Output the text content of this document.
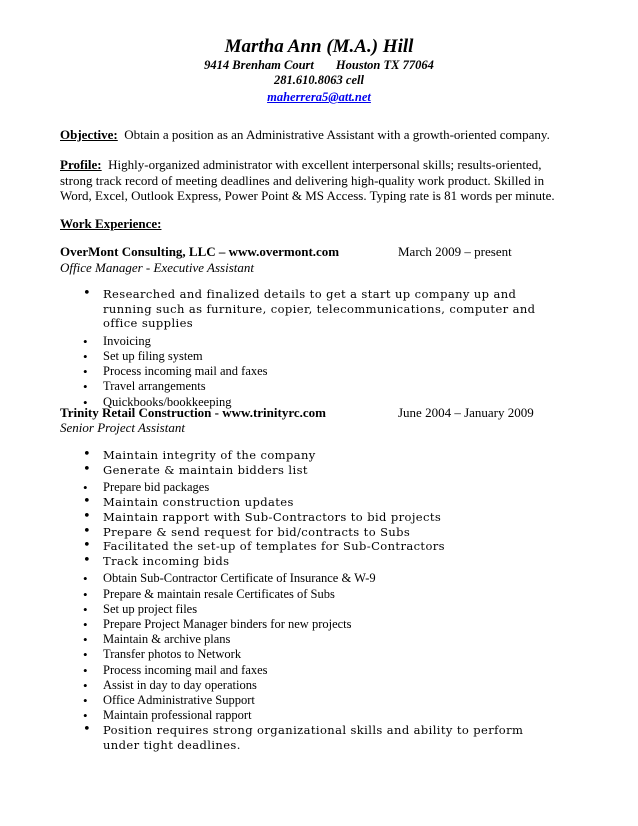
Martha Ann (M.A.) Hill
9414 Brenham Court Houston TX 77064
281.610.8063 cell
maherrera5@att.net
Objective: Obtain a position as an Administrative Assistant with a growth-oriented company.
Profile: Highly-organized administrator with excellent interpersonal skills; results-oriented, strong track record of meeting deadlines and delivering high-quality work product. Skilled in Word, Excel, Outlook Express, Power Point & MS Access. Typing rate is 81 words per minute.
Work Experience:
OverMont Consulting, LLC – www.overmont.com	March 2009 – present
Office Manager - Executive Assistant
• Researched and finalized details to get a start up company up and running such as furniture, copier, telecommunications, computer and office supplies
• Invoicing
• Set up filing system
• Process incoming mail and faxes
• Travel arrangements
• Quickbooks/bookkeeping
Trinity Retail Construction - www.trinityrc.com	June 2004 – January 2009
Senior Project Assistant
• Maintain integrity of the company
• Generate & maintain bidders list
• Prepare bid packages
• Maintain construction updates
• Maintain rapport with Sub-Contractors to bid projects
• Prepare & send request for bid/contracts to Subs
• Facilitated the set-up of templates for Sub-Contractors
• Track incoming bids
• Obtain Sub-Contractor Certificate of Insurance & W-9
• Prepare & maintain resale Certificates of Subs
• Set up project files
• Prepare Project Manager binders for new projects
• Maintain & archive plans
• Transfer photos to Network
• Process incoming mail and faxes
• Assist in day to day operations
• Office Administrative Support
• Maintain professional rapport
• Position requires strong organizational skills and ability to perform under tight deadlines.
